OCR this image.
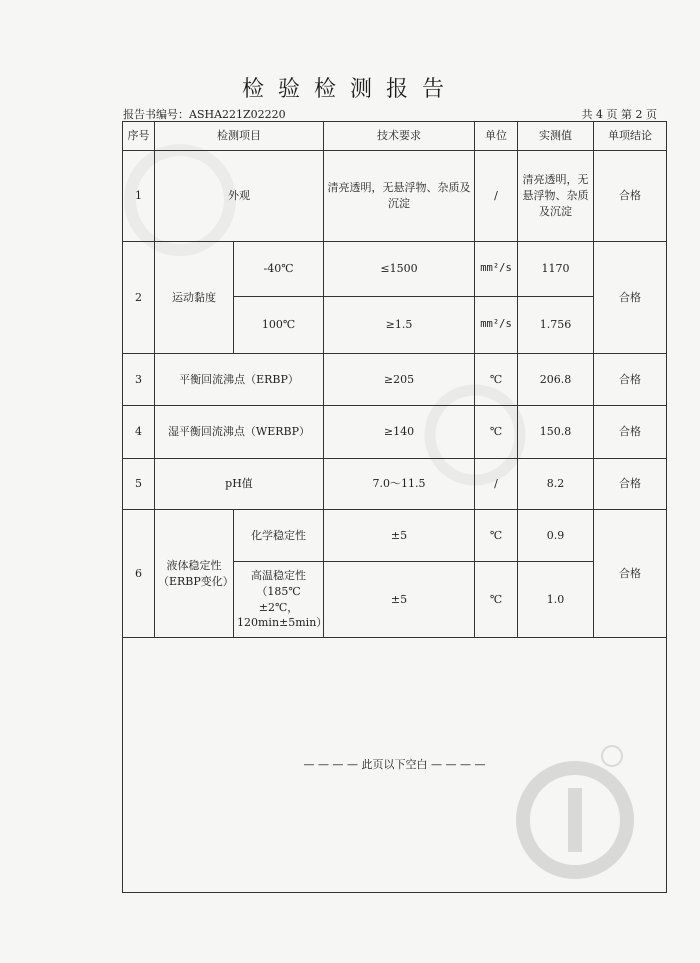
检验检测报告
报告书编号：ASHA221Z02220	共 4 页 第 2 页
序号	检测项目		技术要求	单位	实测值	单项结论
1	外观		清亮透明，无悬浮物、杂质及沉淀	/	清亮透明，无悬浮物、杂质及沉淀	合格
2	运动黏度	-40℃	≤1500	mm²/s	1170	合格
		100℃	≥1.5	mm²/s	1.756	
3	平衡回流沸点（ERBP）		≥205	℃	206.8	合格
4	湿平衡回流沸点（WERBP）		≥140	℃	150.8	合格
5	pH值		7.0～11.5	/	8.2	合格
6	液体稳定性（ERBP变化）	化学稳定性	±5	℃	0.9	合格
		高温稳定性（185℃±2℃，120min±5min）	±5	℃	1.0	
— — — — 此页以下空白 — — — —						
